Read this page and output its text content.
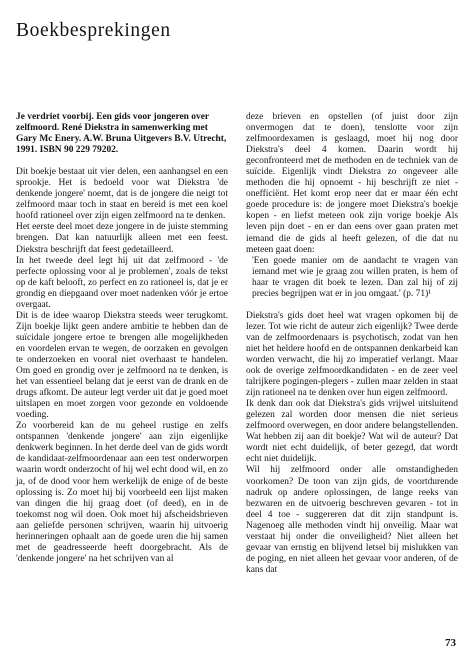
Boekbesprekingen

Je verdriet voorbij. Een gids voor jongeren over zelfmoord. René Diekstra in samenwerking met Gary Mc Enery. A.W. Bruna Uitgevers B.V. Utrecht, 1991. ISBN 90 229 79202.

Dit boekje bestaat uit vier delen, een aanhangsel en een sprookje. Het is bedoeld voor wat Diekstra 'de denkende jongere' noemt, dat is de jongere die neigt tot zelfmoord maar toch in staat en bereid is met een koel hoofd rationeel over zijn eigen zelfmoord na te denken.

Het eerste deel moet deze jongere in de juiste stemming brengen. Dat kan natuurlijk alleen met een feest. Diekstra beschrijft dat feest gedetailleerd.

In het tweede deel legt hij uit dat zelfmoord - 'de perfecte oplossing voor al je problemen', zoals de tekst op de kaft belooft, zo perfect en zo rationeel is, dat je er grondig en diepgaand over moet nadenken vóór je ertoe overgaat.

Dit is de idee waarop Diekstra steeds weer terugkomt. Zijn boekje lijkt geen andere ambitie te hebben dan de suïcidale jongere ertoe te brengen alle mogelijkheden en voordelen ervan te wegen, de oorzaken en gevolgen te onderzoeken en vooral niet overhaast te handelen. Om goed en grondig over je zelfmoord na te denken, is het van essentieel belang dat je eerst van de drank en de drugs afkomt. De auteur legt verder uit dat je goed moet uitslapen en moet zorgen voor gezonde en voldoende voeding.

Zo voorbereid kan de nu geheel rustige en zelfs ontspannen 'denkende jongere' aan zijn eigenlijke denkwerk beginnen. In het derde deel van de gids wordt de kandidaat-zelfmoordenaar aan een test onderworpen waarin wordt onderzocht of hij wel echt dood wil, en zo ja, of de dood voor hem werkelijk de enige of de beste oplossing is. Zo moet hij bij voorbeeld een lijst maken van dingen die hij graag doet (of deed), en in de toekomst nog wil doen. Ook moet hij afscheidsbrieven aan geliefde personen schrijven, waarin hij uitvoerig herinneringen ophaalt aan de goede uren die hij samen met de geadresseerde heeft doorgebracht. Als de 'denkende jongere' na het schrijven van al

deze brieven en opstellen (of juist door zijn onvermogen dat te doen), tenslotte voor zijn zelfmoordexamen is geslaagd, moet hij nog door Diekstra's deel 4 komen. Daarin wordt hij geconfronteerd met de methoden en de techniek van de suïcide. Eigenlijk vindt Diekstra zo ongeveer alle methoden die hij opnoemt - hij beschrijft ze niet - onefficiënt. Het komt erop neer dat er maar één echt goede procedure is: de jongere moet Diekstra's boekje kopen - en liefst meteen ook zijn vorige boekje Als leven pijn doet - en er dan eens over gaan praten met iemand die de gids al heeft gelezen, of die dat nu meteen gaat doen:

'Een goede manier om de aandacht te vragen van iemand met wie je graag zou willen praten, is hem of haar te vragen dit boek te lezen. Dan zal hij of zij precies begrijpen wat er in jou omgaat.' (p. 71)¹

Diekstra's gids doet heel wat vragen opkomen bij de lezer. Tot wie richt de auteur zich eigenlijk? Twee derde van de zelfmoordenaars is psychotisch, zodat van hen niet het heldere hoofd en de ontspannen denkarbeid kan worden verwacht, die hij zo imperatief verlangt. Maar ook de overige zelfmoordkandidaten - en de zeer veel talrijkere pogingen-plegers - zullen maar zelden in staat zijn rationeel na te denken over hun eigen zelfmoord.

Ik denk dan ook dat Diekstra's gids vrijwel uitsluitend gelezen zal worden door mensen die niet serieus zelfmoord overwegen, en door andere belangstellenden. Wat hebben zij aan dit boekje? Wat wil de auteur? Dat wordt niet echt duidelijk, of beter gezegd, dat wordt echt niet duidelijk.

Wil hij zelfmoord onder alle omstandigheden voorkomen? De toon van zijn gids, de voortdurende nadruk op andere oplossingen, de lange reeks van bezwaren en de uitvoerig beschreven gevaren - tot in deel 4 toe - suggereren dat dit zijn standpunt is. Nagenoeg alle methoden vindt hij onveilig. Maar wat verstaat hij onder die onveiligheid? Niet alleen het gevaar van ernstig en blijvend letsel bij mislukken van de poging, en niet alleen het gevaar voor anderen, of de kans dat

73
